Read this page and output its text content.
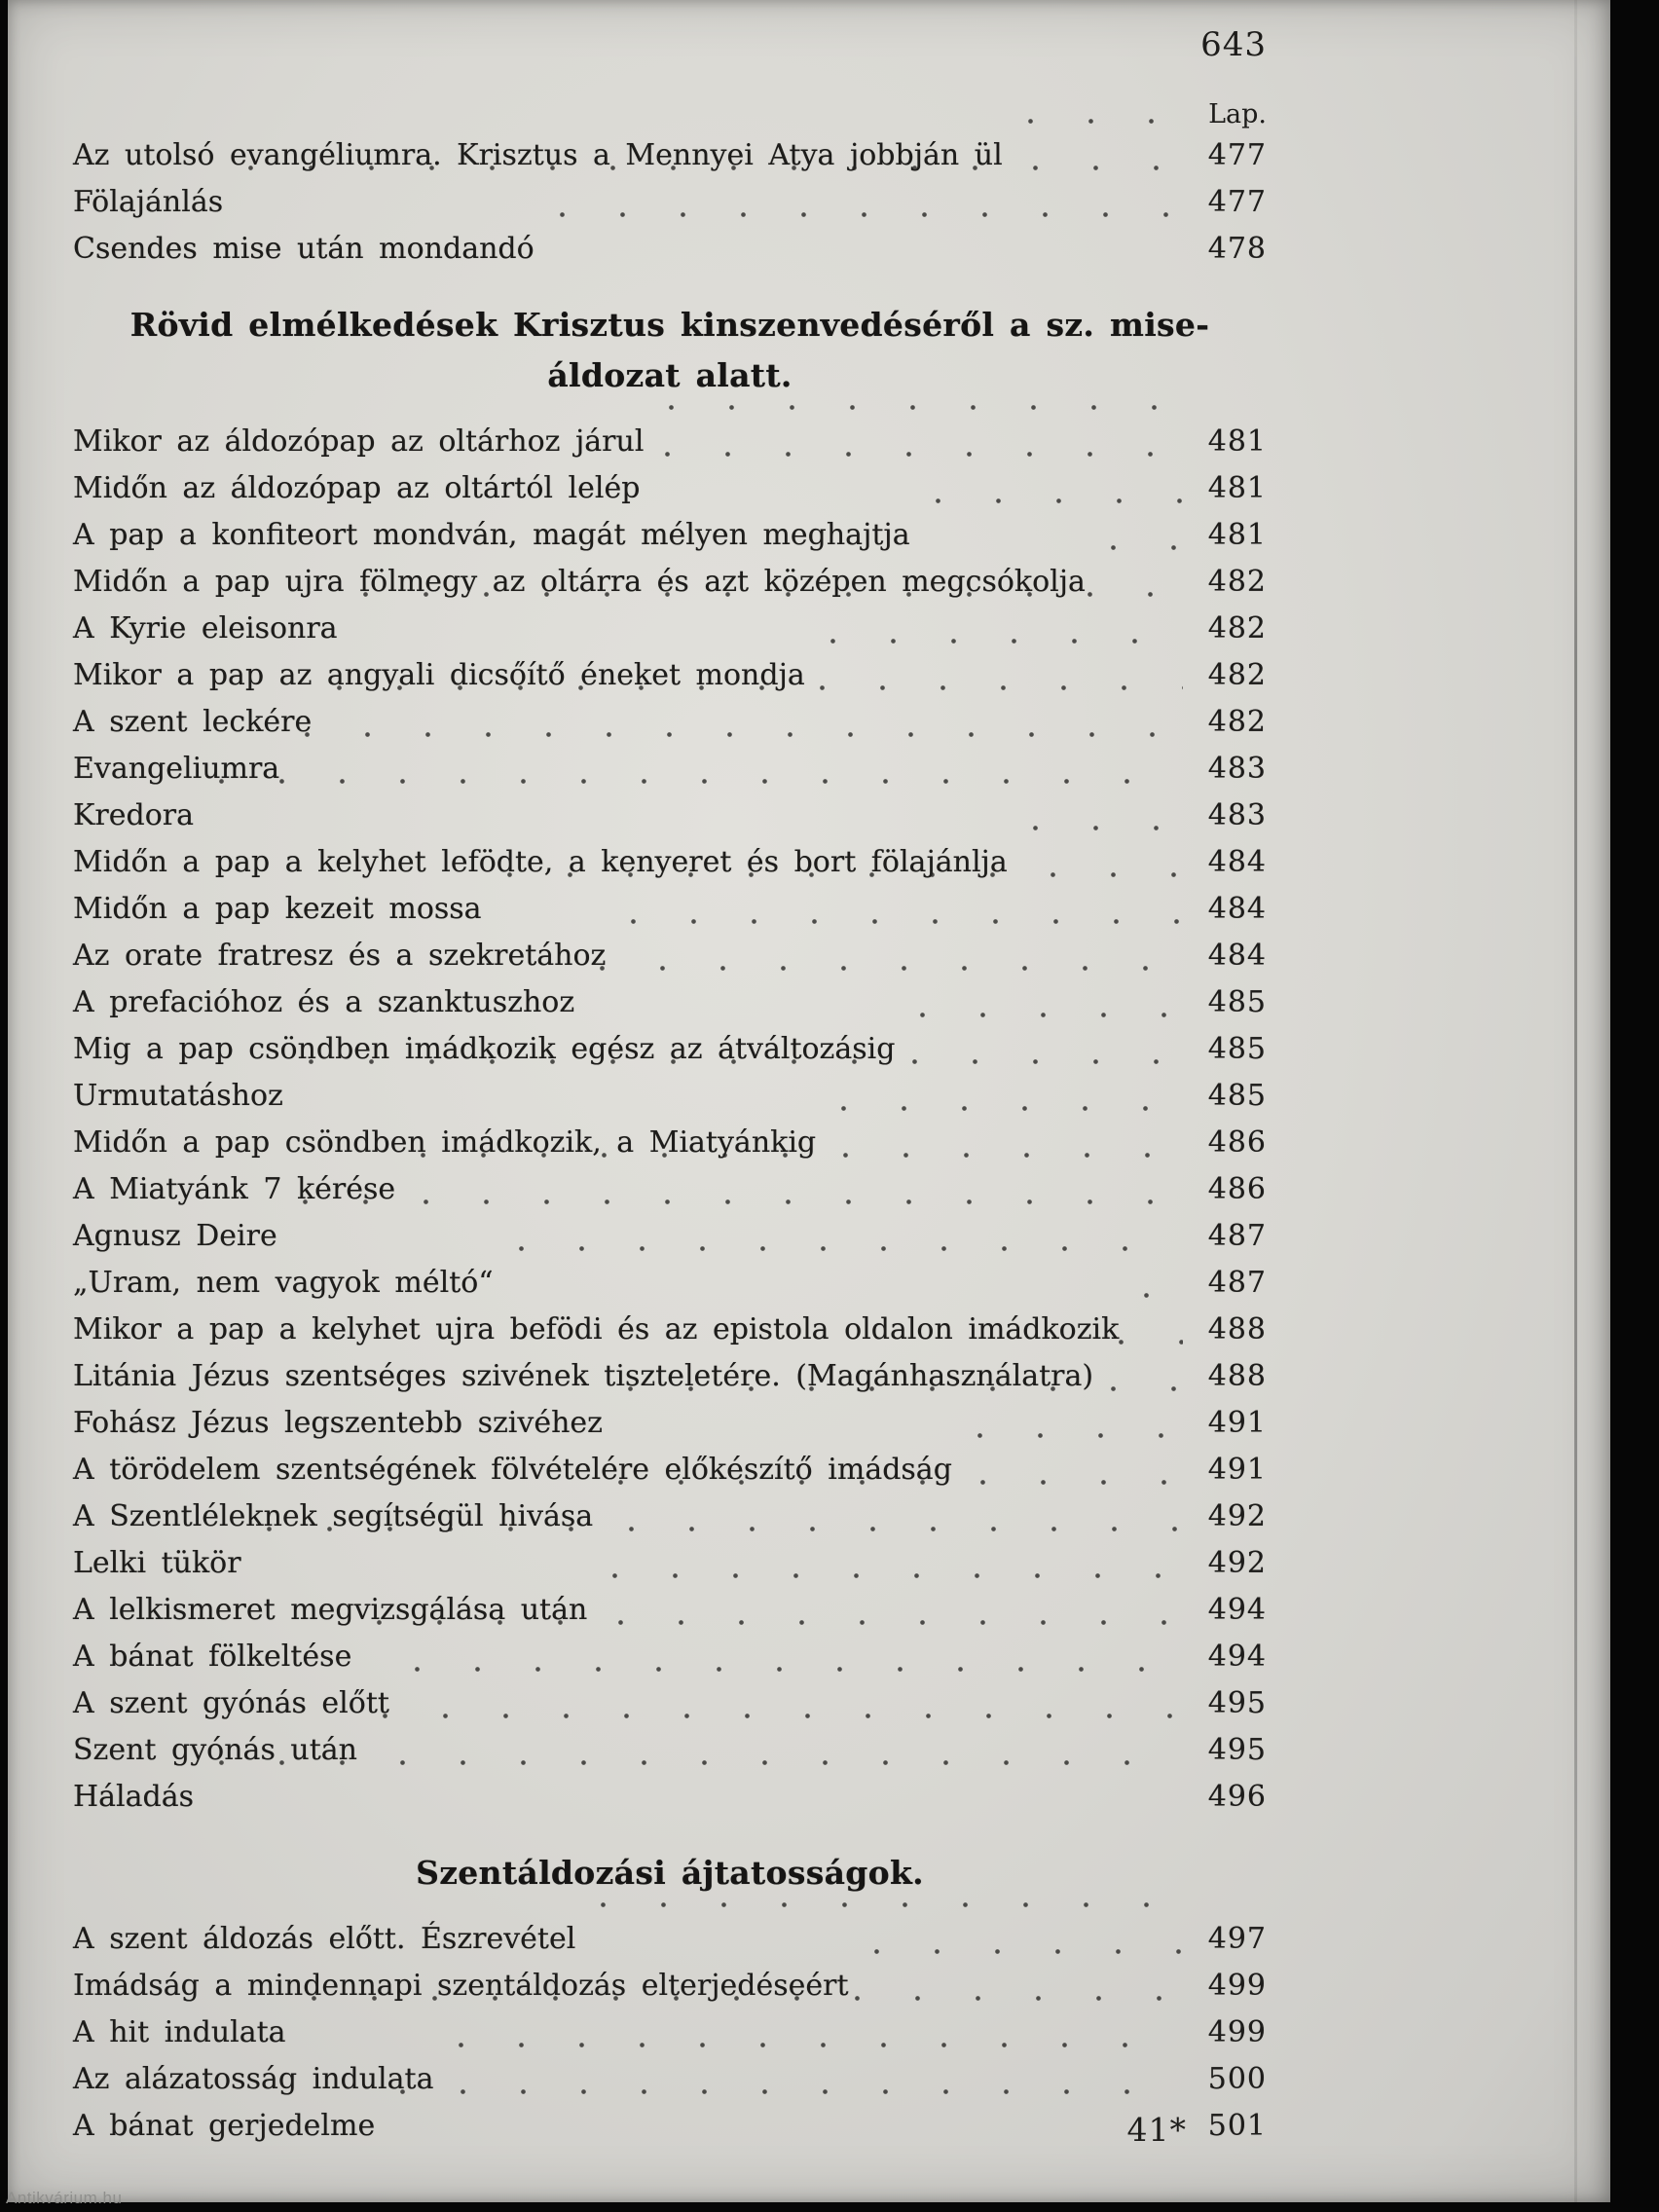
643
Lap.
Az utolsó evangéliumra. Krisztus a Mennyei Atya jobbján ül	477
Fölajánlás	477
Csendes mise után mondandó	478
Rövid elmélkedések Krisztus kinszenvedéséről a sz. mise-áldozat alatt.
Mikor az áldozópap az oltárhoz járul	481
Midőn az áldozópap az oltártól lelép	481
A pap a konfiteort mondván, magát mélyen meghajtja	481
Midőn a pap ujra fölmegy az oltárra és azt középen megcsókolja	482
A Kyrie eleisonra	482
Mikor a pap az angyali dicsőítő éneket mondja	482
A szent leckére	482
Evangeliumra	483
Kredora	483
Midőn a pap a kelyhet lefödte, a kenyeret és bort fölajánlja	484
Midőn a pap kezeit mossa	484
Az orate fratresz és a szekretához	484
A prefacióhoz és a szanktuszhoz	485
Mig a pap csöndben imádkozik egész az átváltozásig	485
Urmutatáshoz	485
Midőn a pap csöndben imádkozik, a Miatyánkig	486
A Miatyánk 7 kérése	486
Agnusz Deire	487
„Uram, nem vagyok méltó“	487
Mikor a pap a kelyhet ujra befödi és az epistola oldalon imádkozik	488
Litánia Jézus szentséges szivének tiszteletére. (Magánhasználatra)	488
Fohász Jézus legszentebb szivéhez	491
A törödelem szentségének fölvételére előkészítő imádság	491
A Szentléleknek segítségül hivása	492
Lelki tükör	492
A lelkismeret megvizsgálása után	494
A bánat fölkeltése	494
A szent gyónás előtt	495
Szent gyónás után	495
Háladás	496
Szentáldozási ájtatosságok.
A szent áldozás előtt. Észrevétel	497
Imádság a mindennapi szentáldozás elterjedéseért	499
A hit indulata	499
Az alázatosság indulata	500
A bánat gerjedelme	501
41*
Antikvárium.hu
